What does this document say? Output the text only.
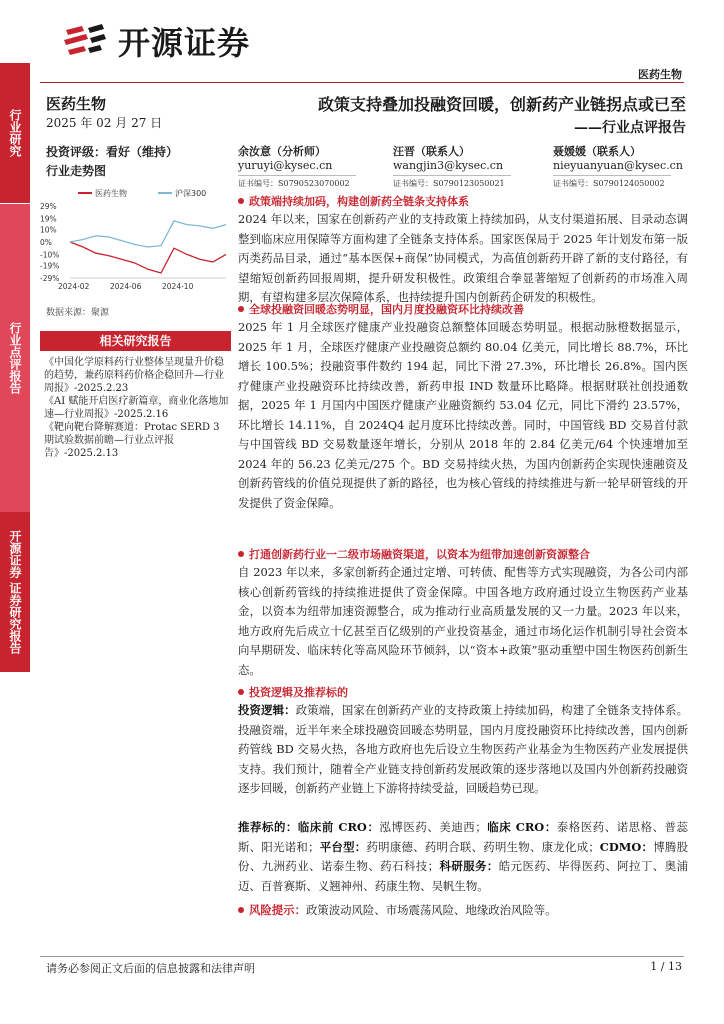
开源证券
医药生物
行业研究
行业点评报告
开源证券 证券研究报告
医药生物
2025 年 02 月 27 日
投资评级：看好（维持）
行业走势图
医药生物	沪深300
29%
19%
10%
0%
-10%
-19%
-29%
2024-02	2024-06	2024-10
数据来源：聚源
相关研究报告
《中国化学原料药行业整体呈现量升价稳的趋势，兼药原料药价格企稳回升—行业周报》-2025.2.23
《AI 赋能开启医疗新篇章，商业化落地加速—行业周报》-2025.2.16
《靶向靶台降解赛道：Protac SERD 3 期试验数据前瞻—行业点评报告》-2025.2.13
政策支持叠加投融资回暖，创新药产业链拐点或已至
——行业点评报告
余汝意（分析师）
yuruyi@kysec.cn
证书编号：S0790523070002
汪晋（联系人）
wangjin3@kysec.cn
证书编号：S0790123050021
聂媛媛（联系人）
nieyuanyuan@kysec.cn
证书编号：S0790124050002
政策端持续加码，构建创新药全链条支持体系
2024 年以来，国家在创新药产业的支持政策上持续加码，从支付渠道拓展、目录动态调整到临床应用保障等方面构建了全链条支持体系。国家医保局于 2025 年计划发布第一版丙类药品目录，通过“基本医保+商保”协同模式，为高值创新药开辟了新的支付路径，有望缩短创新药回报周期，提升研发积极性。政策组合拳显著缩短了创新药的市场准入周期，有望构建多层次保障体系，也持续提升国内创新药企研发的积极性。
全球投融资回暖态势明显，国内月度投融资环比持续改善
2025 年 1 月全球医疗健康产业投融资总额整体回暖态势明显。根据动脉橙数据显示，2025 年 1 月，全球医疗健康产业投融资总额约 80.04 亿美元，同比增长 88.7%，环比增长 100.5%；投融资事件数约 194 起，同比下滑 27.3%，环比增长 26.8%。国内医疗健康产业投融资环比持续改善，新药申报 IND 数量环比略降。根据财联社创投通数据，2025 年 1 月国内中国医疗健康产业融资额约 53.04 亿元，同比下滑约 23.57%，环比增长 14.11%，自 2024Q4 起月度环比持续改善。同时，中国管线 BD 交易首付款与中国管线 BD 交易数量逐年增长，分别从 2018 年的 2.84 亿美元/64 个快速增加至 2024 年的 56.23 亿美元/275 个。BD 交易持续火热，为国内创新药企实现快速融资及创新药管线的价值兑现提供了新的路径，也为核心管线的持续推进与新一轮早研管线的开发提供了资金保障。
打通创新药行业一二级市场融资渠道，以资本为纽带加速创新资源整合
自 2023 年以来，多家创新药企通过定增、可转债、配售等方式实现融资，为各公司内部核心创新药管线的持续推进提供了资金保障。中国各地方政府通过设立生物医药产业基金，以资本为纽带加速资源整合，成为推动行业高质量发展的又一力量。2023 年以来，地方政府先后成立十亿甚至百亿级别的产业投资基金，通过市场化运作机制引导社会资本向早期研发、临床转化等高风险环节倾斜，以“资本+政策”驱动重塑中国生物医药创新生态。
投资逻辑及推荐标的
投资逻辑：政策端，国家在创新药产业的支持政策上持续加码，构建了全链条支持体系。投融资端，近半年来全球投融资回暖态势明显，国内月度投融资环比持续改善，国内创新药管线 BD 交易火热，各地方政府也先后设立生物医药产业基金为生物医药产业发展提供支持。我们预计，随着全产业链支持创新药发展政策的逐步落地以及国内外创新药投融资逐步回暖，创新药产业链上下游将持续受益，回暖趋势已现。
推荐标的：临床前 CRO：泓博医药、美迪西；临床 CRO：泰格医药、诺思格、普蕊斯、阳光诺和；平台型：药明康德、药明合联、药明生物、康龙化成；CDMO：博腾股份、九洲药业、诺泰生物、药石科技；科研服务：皓元医药、毕得医药、阿拉丁、奥浦迈、百普赛斯、义翘神州、药康生物、吴帆生物。
风险提示：政策波动风险、市场震荡风险、地缘政治风险等。
请务必参阅正文后面的信息披露和法律声明	1 / 13
